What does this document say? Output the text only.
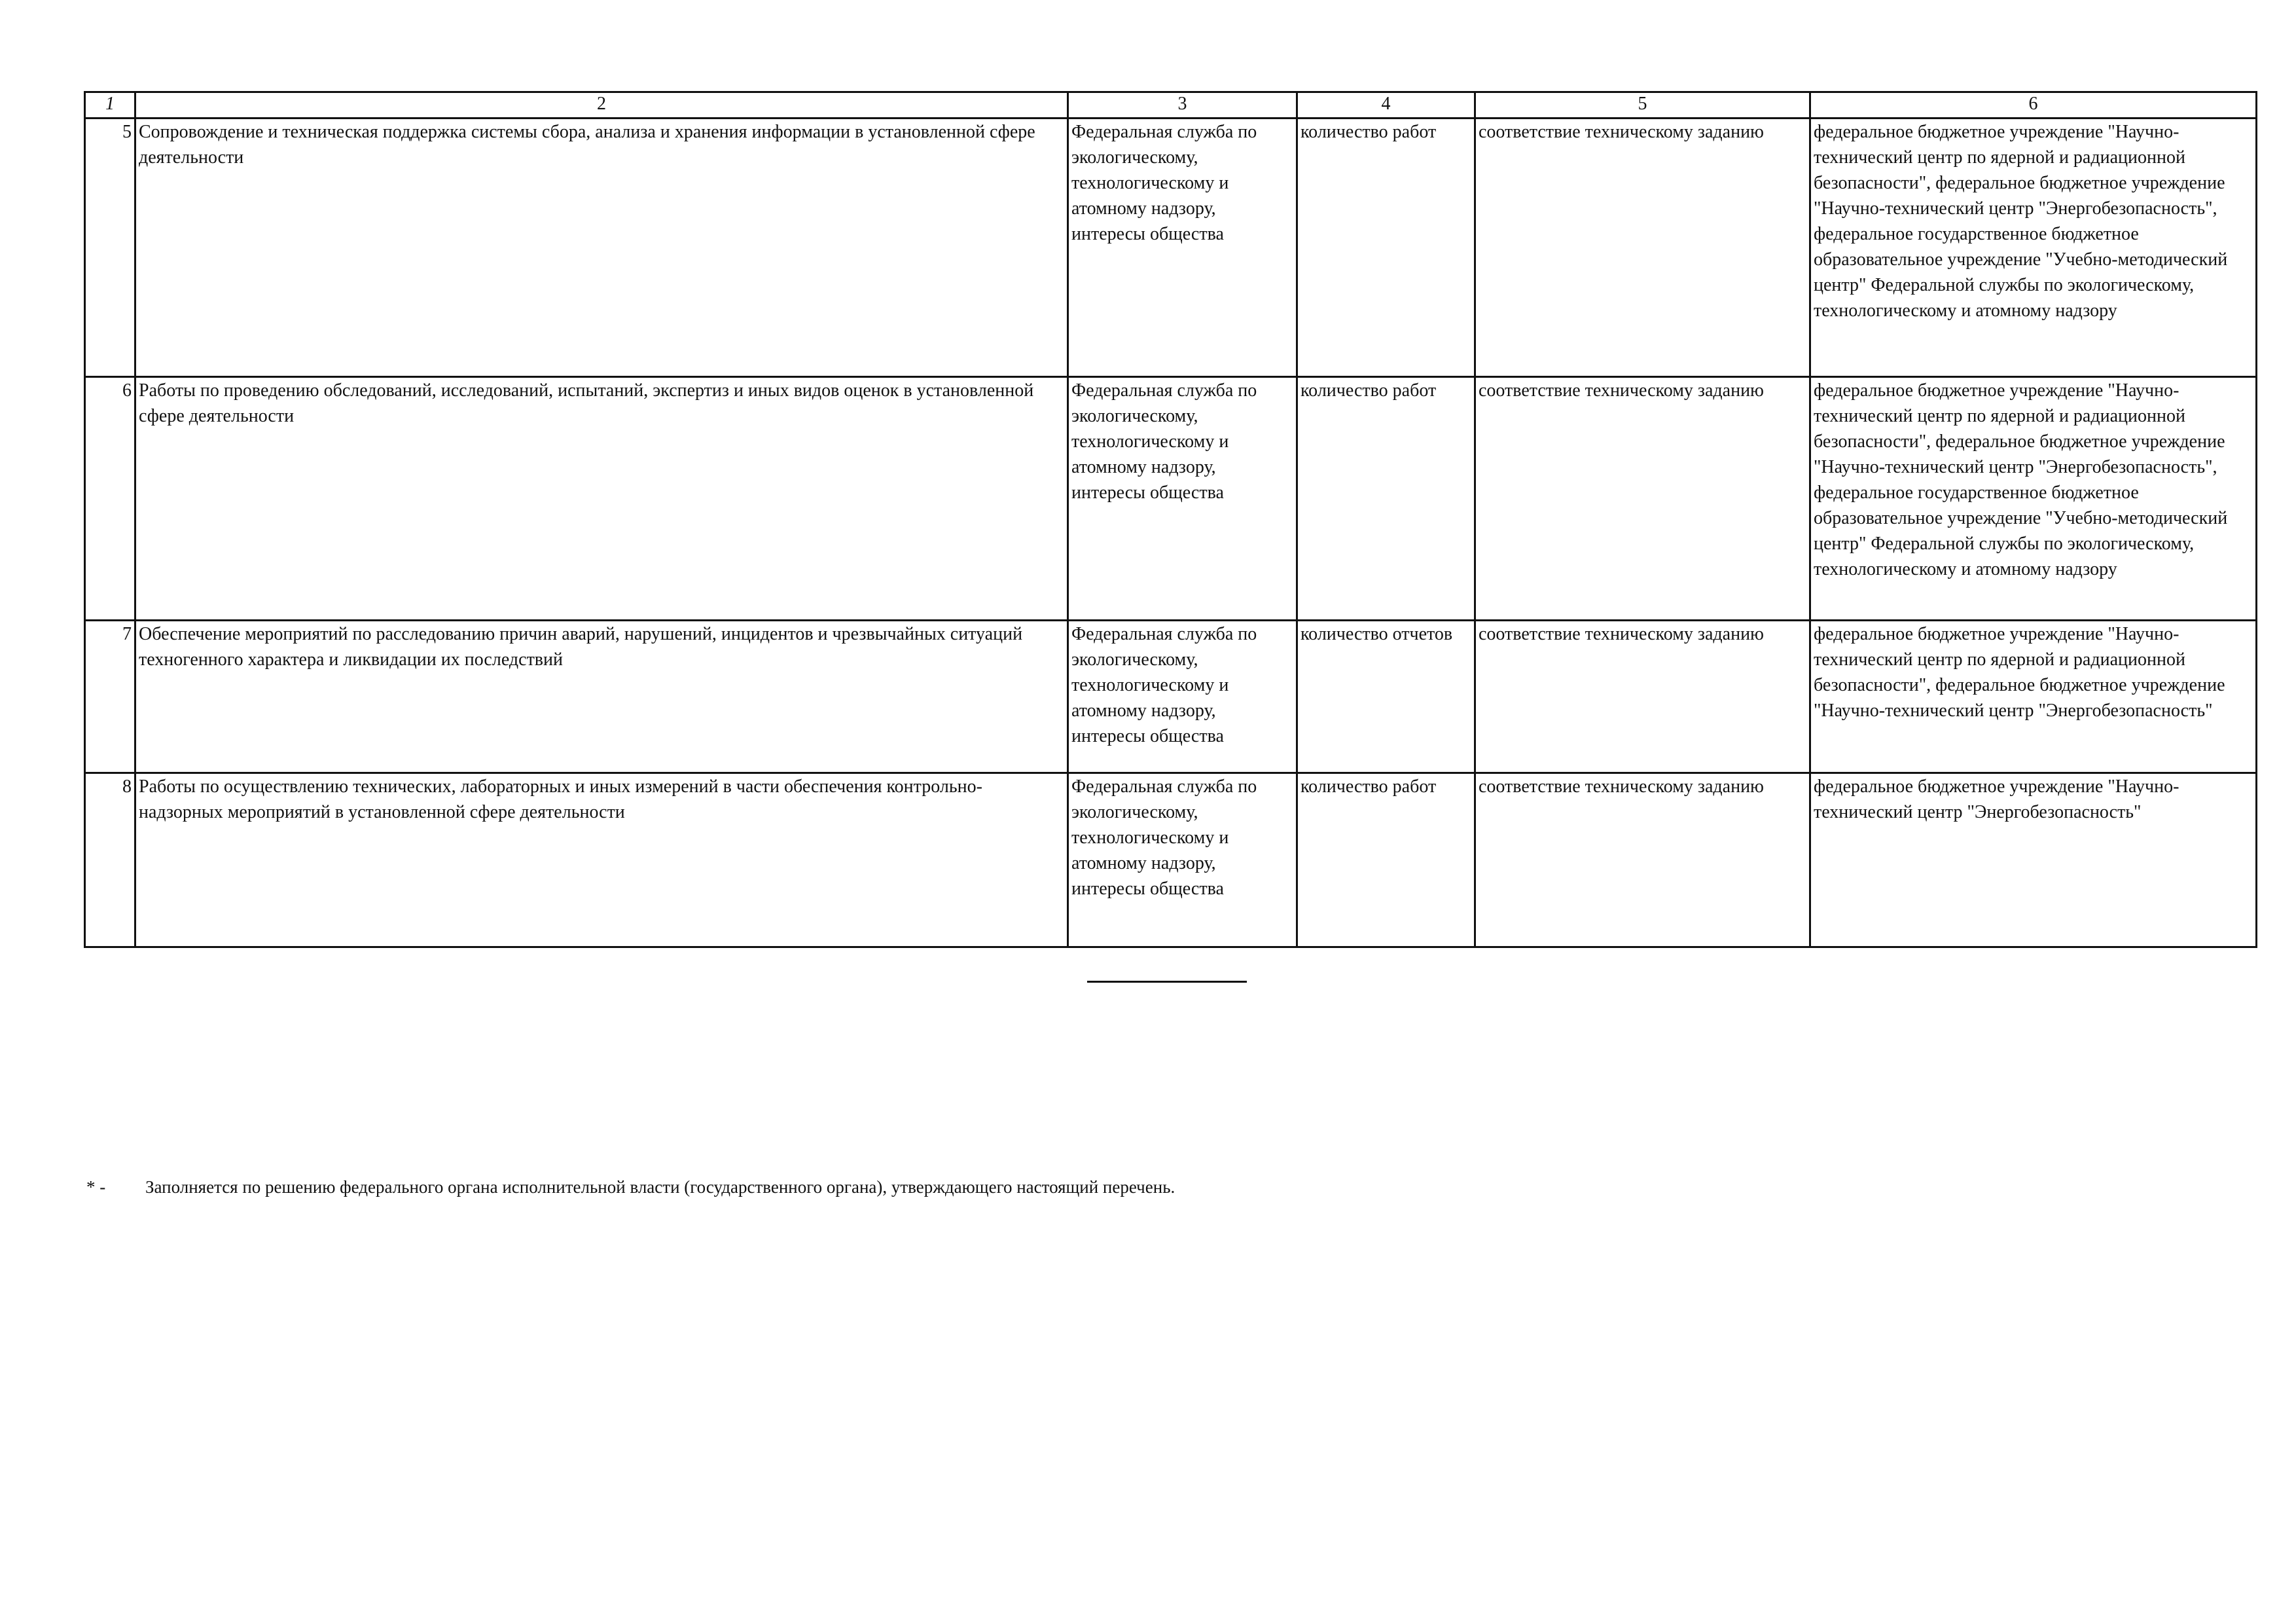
1	2	3	4	5	6
5	Сопровождение и техническая поддержка системы сбора, анализа и хранения информации в установленной сфере деятельности	Федеральная служба по экологическому, технологическому и атомному надзору, интересы общества	количество работ	соответствие техническому заданию	федеральное бюджетное учреждение "Научно-технический центр по ядерной и радиационной безопасности", федеральное бюджетное учреждение "Научно-технический центр "Энергобезопасность", федеральное государственное бюджетное образовательное учреждение "Учебно-методический центр" Федеральной службы по экологическому, технологическому и атомному надзору
6	Работы по проведению обследований, исследований, испытаний, экспертиз и иных видов оценок в установленной сфере деятельности	Федеральная служба по экологическому, технологическому и атомному надзору, интересы общества	количество работ	соответствие техническому заданию	федеральное бюджетное учреждение "Научно-технический центр по ядерной и радиационной безопасности", федеральное бюджетное учреждение "Научно-технический центр "Энергобезопасность", федеральное государственное бюджетное образовательное учреждение "Учебно-методический центр" Федеральной службы по экологическому, технологическому и атомному надзору
7	Обеспечение мероприятий по расследованию причин аварий, нарушений, инцидентов и чрезвычайных ситуаций техногенного характера и ликвидации их последствий	Федеральная служба по экологическому, технологическому и атомному надзору, интересы общества	количество отчетов	соответствие техническому заданию	федеральное бюджетное учреждение "Научно-технический центр по ядерной и радиационной безопасности", федеральное бюджетное учреждение "Научно-технический центр "Энергобезопасность"
8	Работы по осуществлению технических, лабораторных и иных измерений в части обеспечения контрольно-надзорных мероприятий в установленной сфере деятельности	Федеральная служба по экологическому, технологическому и атомному надзору, интересы общества	количество работ	соответствие техническому заданию	федеральное бюджетное учреждение "Научно-технический центр "Энергобезопасность"
* - Заполняется по решению федерального органа исполнительной власти (государственного органа), утверждающего настоящий перечень.
